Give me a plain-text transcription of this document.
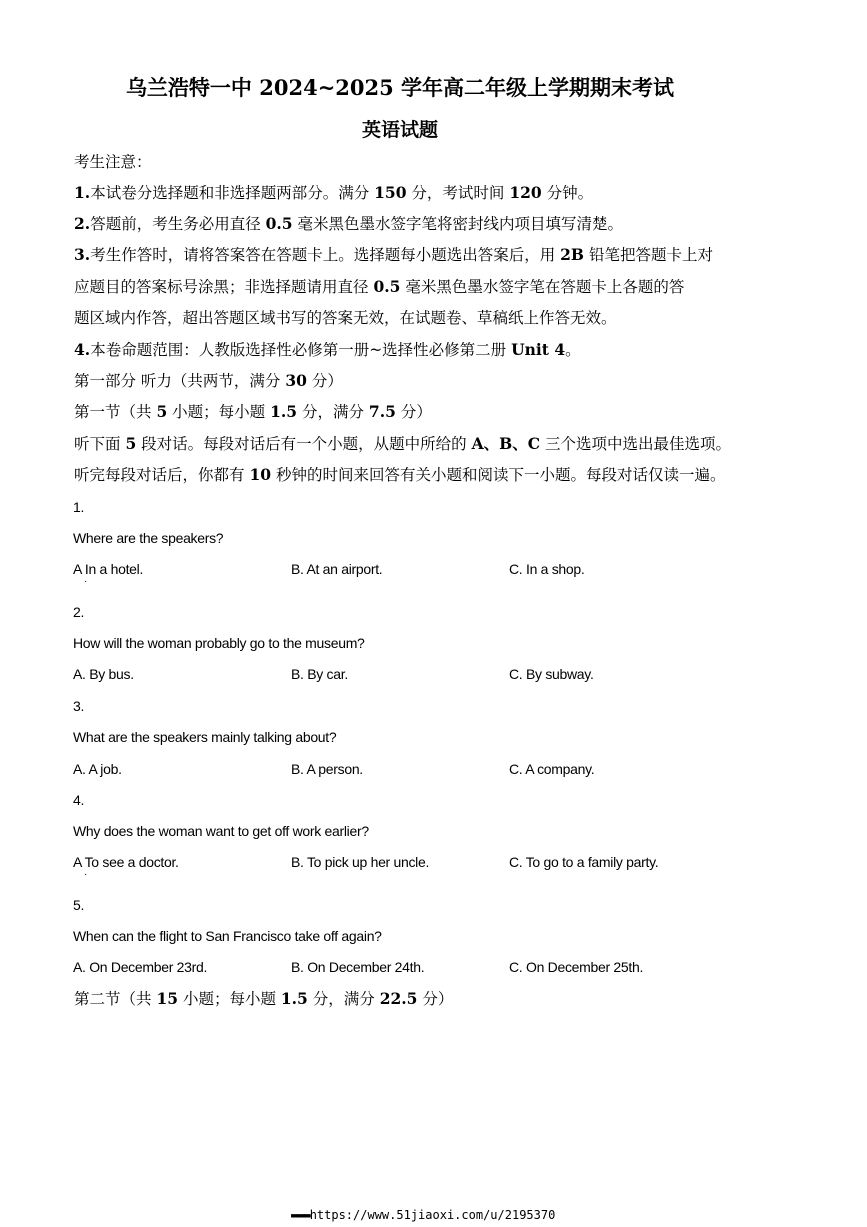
乌兰浩特一中 2024~2025 学年高二年级上学期期末考试
英语试题
考生注意：
1.本试卷分选择题和非选择题两部分。满分 150 分，考试时间 120 分钟。
2.答题前，考生务必用直径 0.5 毫米黑色墨水签字笔将密封线内项目填写清楚。
3.考生作答时，请将答案答在答题卡上。选择题每小题选出答案后，用 2B 铅笔把答题卡上对
应题目的答案标号涂黑；非选择题请用直径 0.5 毫米黑色墨水签字笔在答题卡上各题的答
题区域内作答，超出答题区域书写的答案无效，在试题卷、草稿纸上作答无效。
4.本卷命题范围：人教版选择性必修第一册~选择性必修第二册 Unit 4。
第一部分 听力（共两节，满分 30 分）
第一节（共 5 小题；每小题 1.5 分，满分 7.5 分）
听下面 5 段对话。每段对话后有一个小题，从题中所给的 A、B、C 三个选项中选出最佳选项。
听完每段对话后，你都有 10 秒钟的时间来回答有关小题和阅读下一小题。每段对话仅读一遍。
1.
Where are the speakers?
A In a hotel.
·
B. At an airport.	C. In a shop.
2.
How will the woman probably go to the museum?
A. By bus.	B. By car.	C. By subway.
3.
What are the speakers mainly talking about?
A. A job.	B. A person.	C. A company.
4.
Why does the woman want to get off work earlier?
A To see a doctor.
·
B. To pick up her uncle.	C. To go to a family party.
5.
When can the flight to San Francisco take off again?
A. On December 23rd.	B. On December 24th.	C. On December 25th.
第二节（共 15 小题；每小题 1.5 分，满分 22.5 分）
▬▬▬https://www.51jiaoxi.com/u/2195370
